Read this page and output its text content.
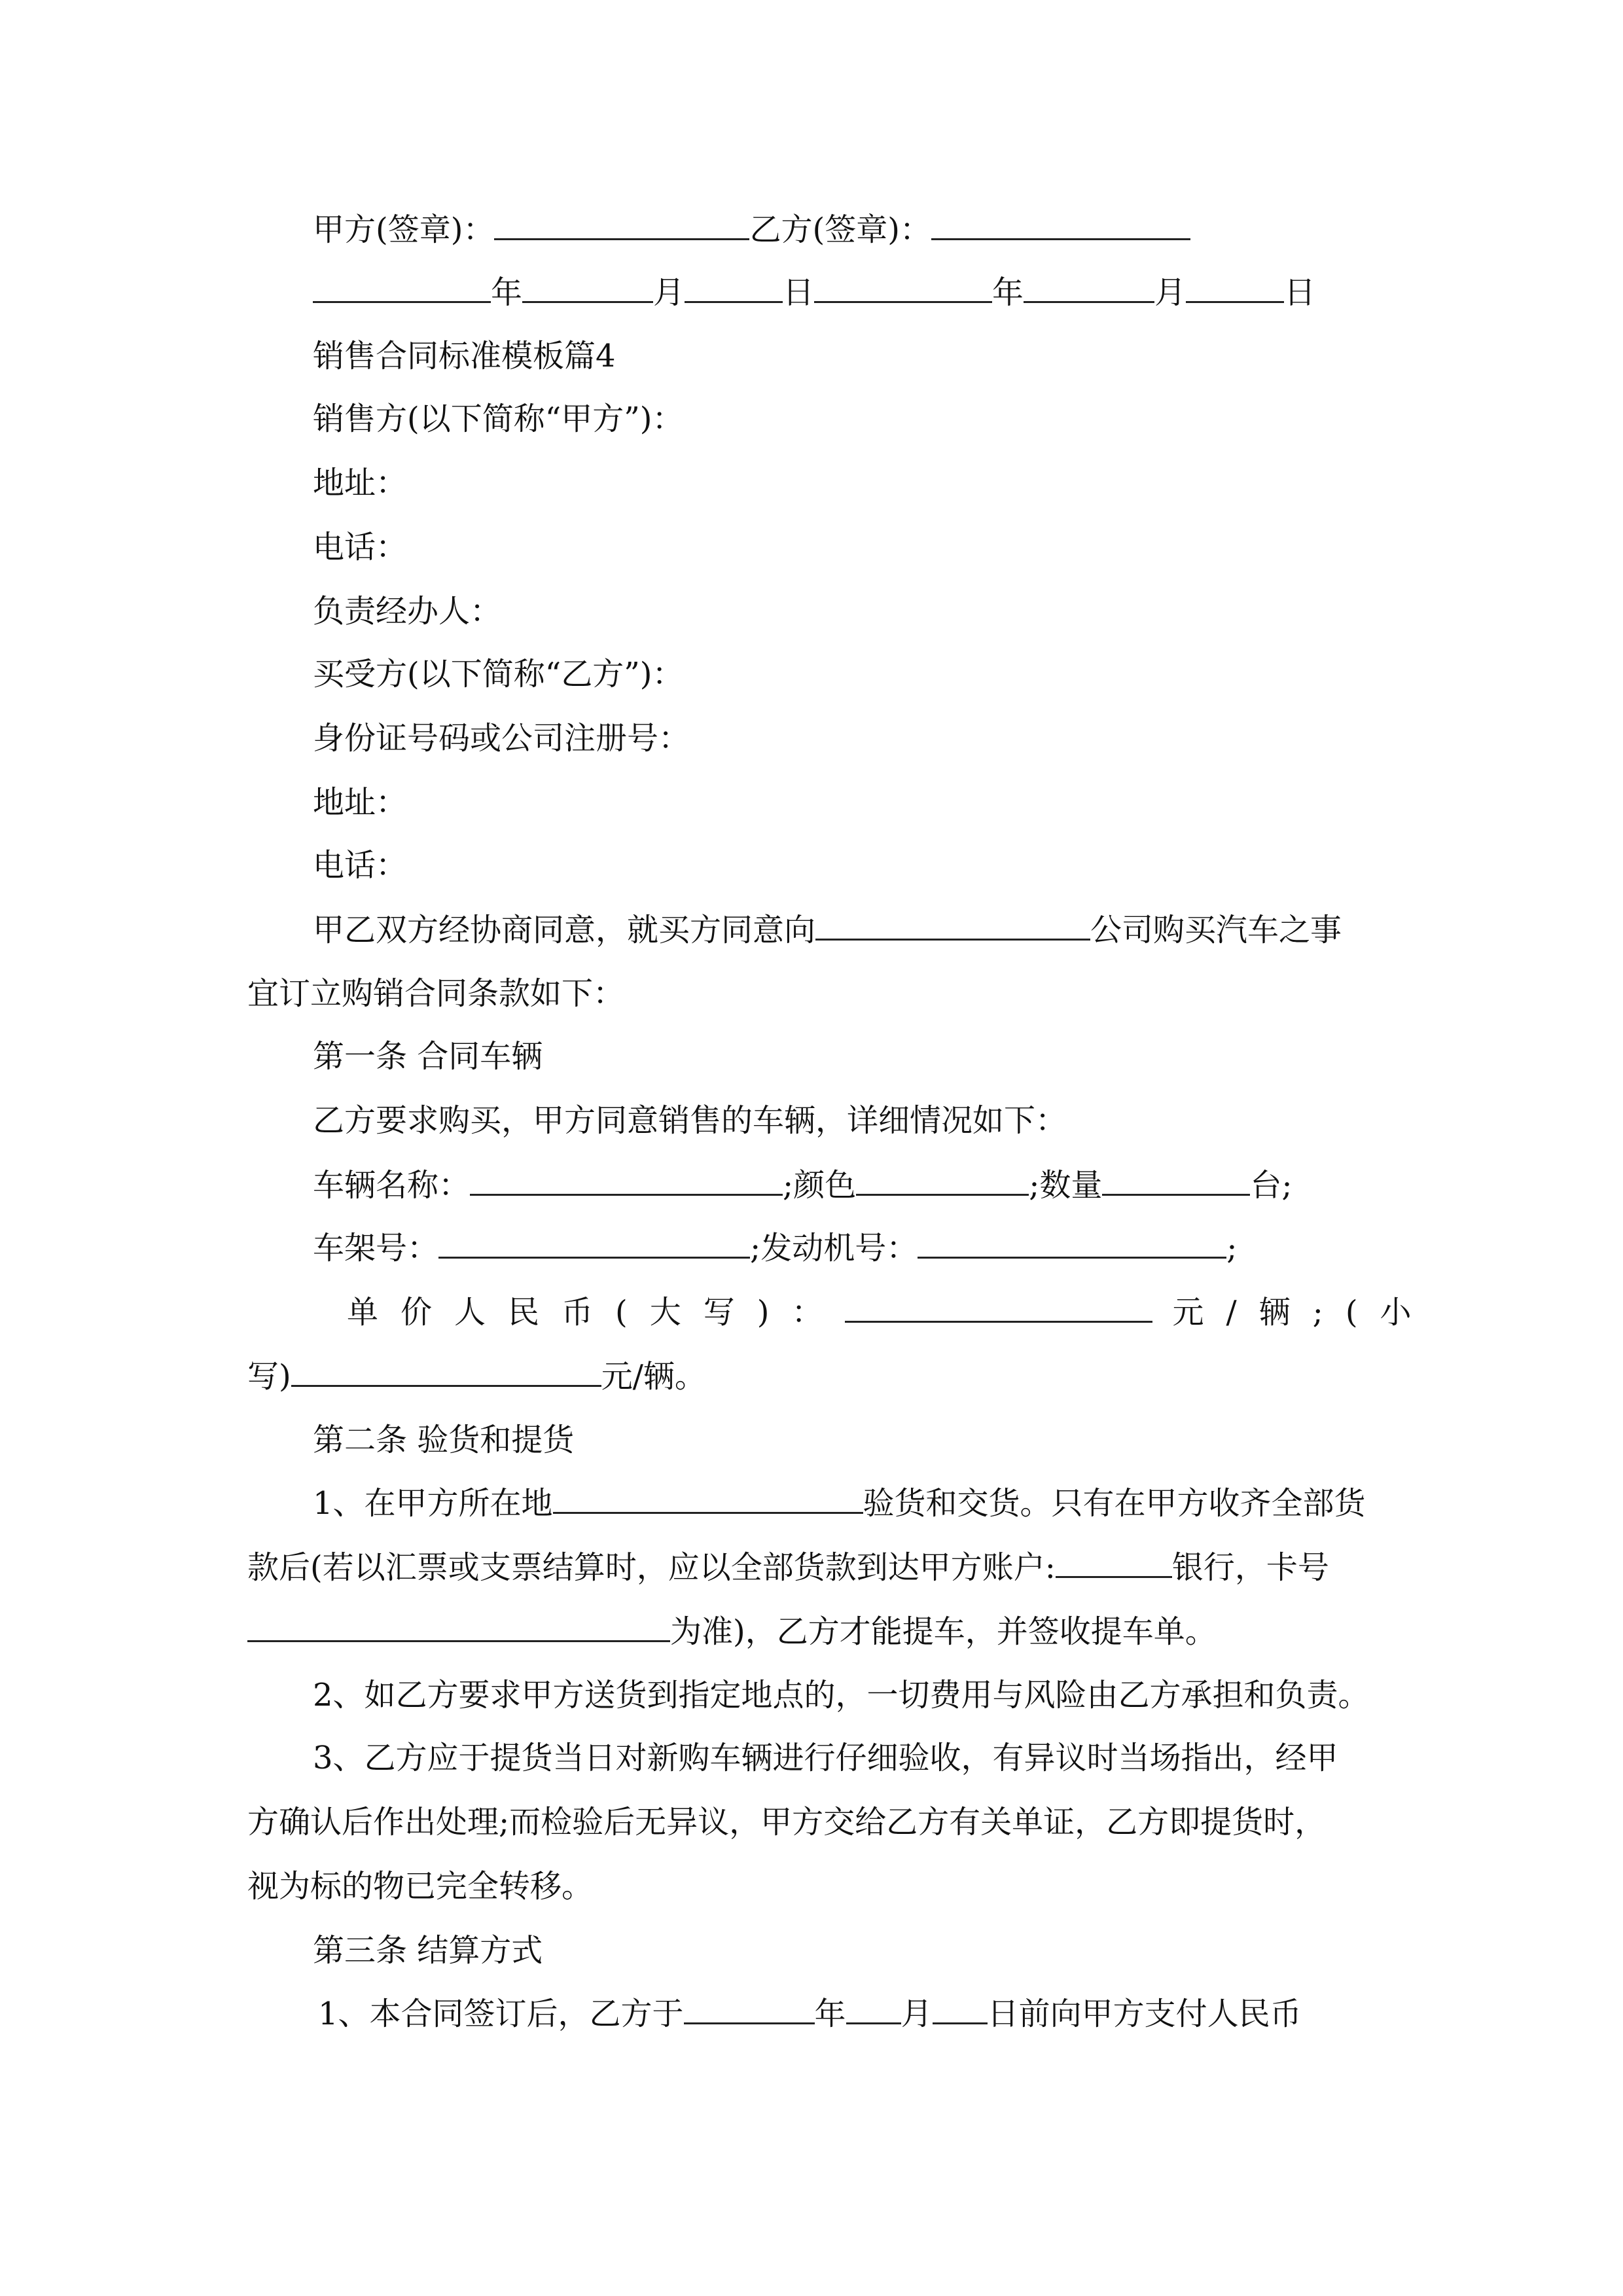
甲方(签章)：	乙方(签章)：
年	月	日	年	月	日
销售合同标准模板篇4
销售方(以下简称“甲方”)：
地址：
电话：
负责经办人：
买受方(以下简称“乙方”)：
身份证号码或公司注册号：
地址：
电话：
甲乙双方经协商同意，就买方同意向	公司购买汽车之事
宜订立购销合同条款如下：
第一条 合同车辆
乙方要求购买，甲方同意销售的车辆，详细情况如下：
车辆名称：	;颜色	;数量	台;
车架号：	;发动机号：	;
单价人民币(大写)：	元/辆;(小
写)	元/辆。
第二条 验货和提货
1、在甲方所在地	验货和交货。只有在甲方收齐全部货
款后(若以汇票或支票结算时，应以全部货款到达甲方账户:	银行，卡号
为准)，乙方才能提车，并签收提车单。
2、如乙方要求甲方送货到指定地点的，一切费用与风险由乙方承担和负责。
3、乙方应于提货当日对新购车辆进行仔细验收，有异议时当场指出，经甲
方确认后作出处理;而检验后无异议，甲方交给乙方有关单证，乙方即提货时，
视为标的物已完全转移。
第三条 结算方式
1、本合同签订后，乙方于	年 月 日前向甲方支付人民币
